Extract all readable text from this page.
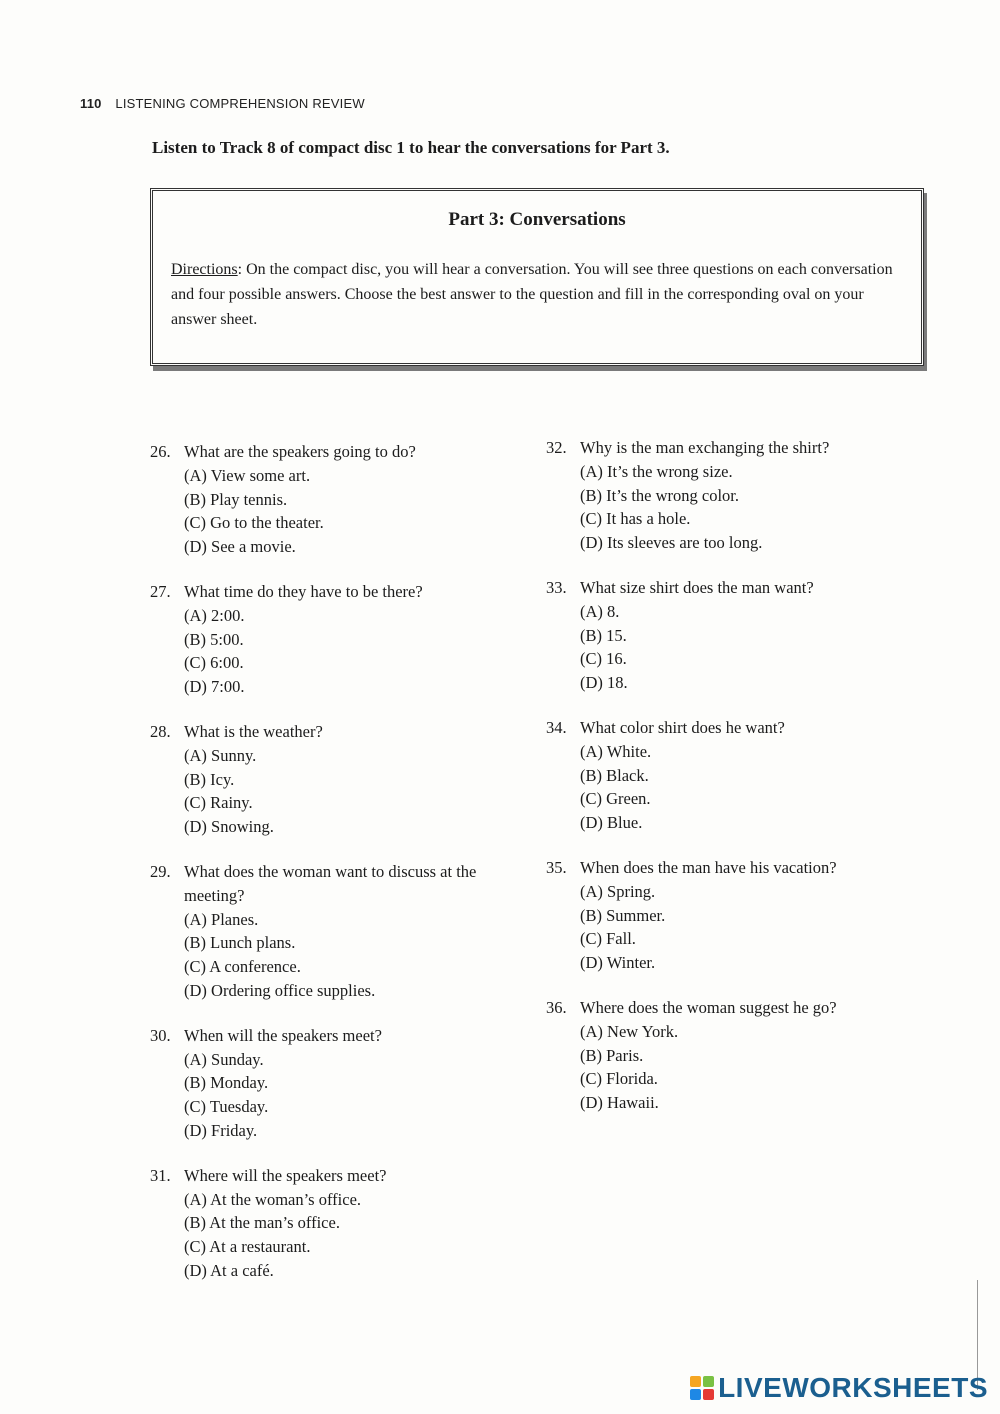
110 LISTENING COMPREHENSION REVIEW
Listen to Track 8 of compact disc 1 to hear the conversations for Part 3.
Part 3: Conversations
Directions: On the compact disc, you will hear a conversation. You will see three questions on each conversation and four possible answers. Choose the best answer to the question and fill in the corresponding oval on your answer sheet.
26. What are the speakers going to do?
(A) View some art.
(B) Play tennis.
(C) Go to the theater.
(D) See a movie.
27. What time do they have to be there?
(A) 2:00.
(B) 5:00.
(C) 6:00.
(D) 7:00.
28. What is the weather?
(A) Sunny.
(B) Icy.
(C) Rainy.
(D) Snowing.
29. What does the woman want to discuss at the meeting?
(A) Planes.
(B) Lunch plans.
(C) A conference.
(D) Ordering office supplies.
30. When will the speakers meet?
(A) Sunday.
(B) Monday.
(C) Tuesday.
(D) Friday.
31. Where will the speakers meet?
(A) At the woman’s office.
(B) At the man’s office.
(C) At a restaurant.
(D) At a café.
32. Why is the man exchanging the shirt?
(A) It’s the wrong size.
(B) It’s the wrong color.
(C) It has a hole.
(D) Its sleeves are too long.
33. What size shirt does the man want?
(A) 8.
(B) 15.
(C) 16.
(D) 18.
34. What color shirt does he want?
(A) White.
(B) Black.
(C) Green.
(D) Blue.
35. When does the man have his vacation?
(A) Spring.
(B) Summer.
(C) Fall.
(D) Winter.
36. Where does the woman suggest he go?
(A) New York.
(B) Paris.
(C) Florida.
(D) Hawaii.
LIVEWORKSHEETS
